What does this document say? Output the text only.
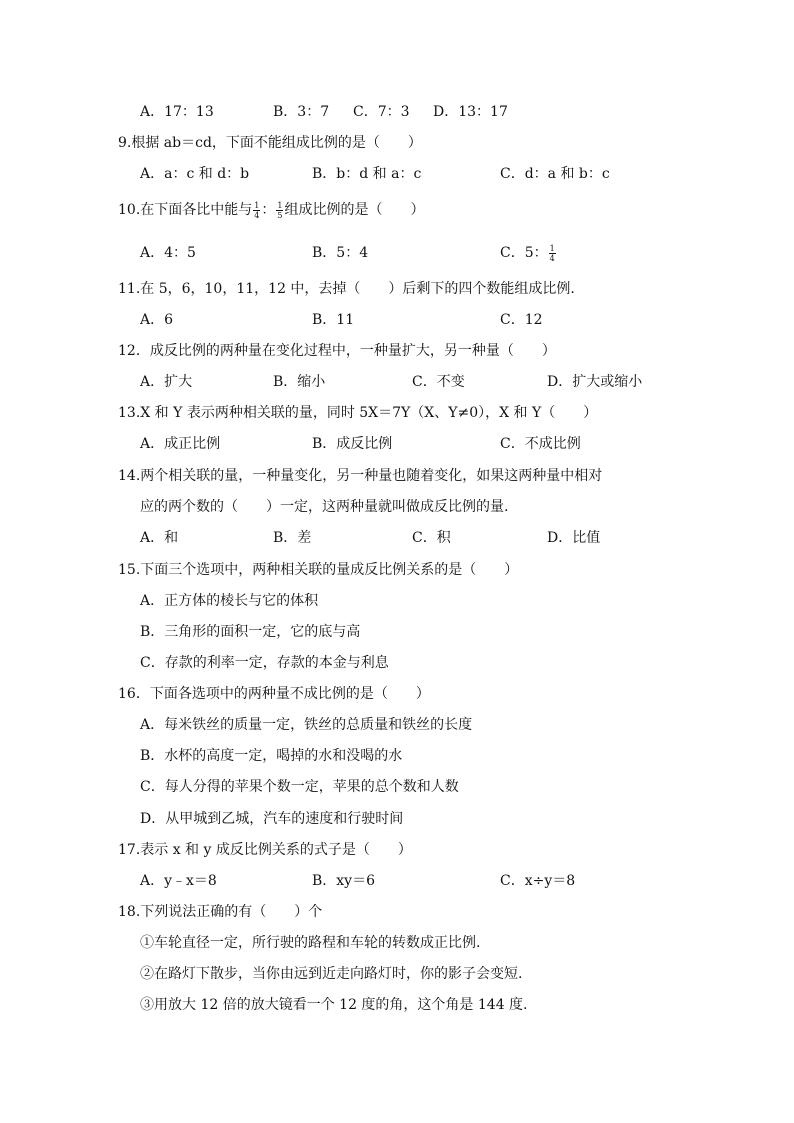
A．17：13	B．3：7 C．7：3 D．13：17
9.根据 ab＝cd，下面不能组成比例的是（　　）
A．a：c 和 d：b	B．b：d 和 a：c	C．d：a 和 b：c
10.在下面各比中能与 $\frac{1}{4}$ ： $\frac{1}{5}$ 组成比例的是（　　）
A．4：5	B．5：4	C．5： $\frac{1}{4}$
11.在 5，6，10，11，12 中，去掉（　　）后剩下的四个数能组成比例.
A．6	B．11	C．12
12．成反比例的两种量在变化过程中，一种量扩大，另一种量（　　）
A．扩大	B．缩小	C．不变	D．扩大或缩小
13.X 和 Y 表示两种相关联的量，同时 5X＝7Y（X、Y≠0），X 和 Y（　　）
A．成正比例	B．成反比例	C．不成比例
14.两个相关联的量，一种量变化，另一种量也随着变化，如果这两种量中相对
应的两个数的（　　）一定，这两种量就叫做成反比例的量.
A．和	B．差	C．积	D．比值
15.下面三个选项中，两种相关联的量成反比例关系的是（　　）
A．正方体的棱长与它的体积
B．三角形的面积一定，它的底与高
C．存款的利率一定，存款的本金与利息
16．下面各选项中的两种量不成比例的是（　　）
A．每米铁丝的质量一定，铁丝的总质量和铁丝的长度
B．水杯的高度一定，喝掉的水和没喝的水
C．每人分得的苹果个数一定，苹果的总个数和人数
D．从甲城到乙城，汽车的速度和行驶时间
17.表示 x 和 y 成反比例关系的式子是（　　）
A．y﹣x＝8	B．xy＝6	C．x÷y＝8
18.下列说法正确的有（　　）个
①车轮直径一定，所行驶的路程和车轮的转数成正比例.
②在路灯下散步，当你由远到近走向路灯时，你的影子会变短.
③用放大 12 倍的放大镜看一个 12 度的角，这个角是 144 度.
